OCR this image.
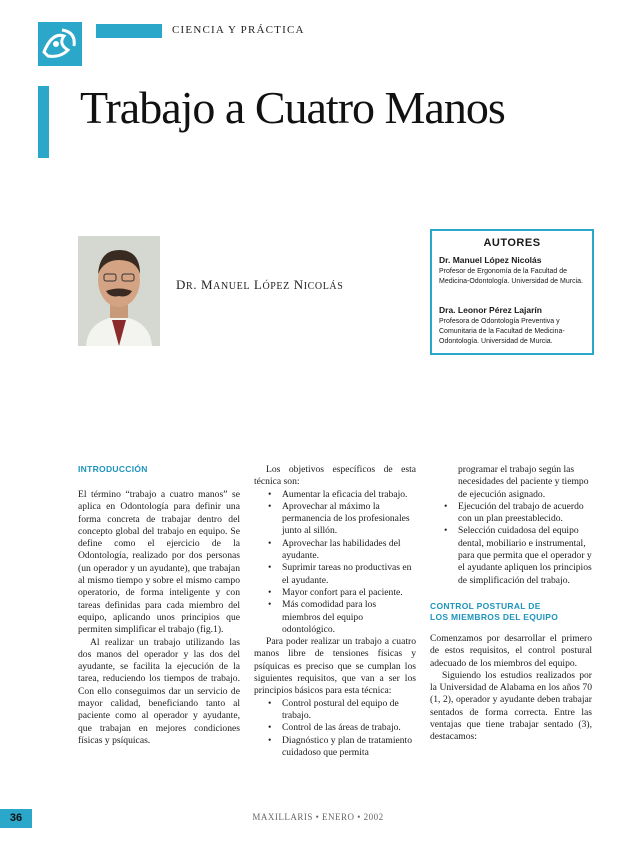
CIENCIA Y PRÁCTICA
Trabajo a Cuatro Manos
DR. MANUEL LÓPEZ NICOLÁS
AUTORES
Dr. Manuel López Nicolás
Profesor de Ergonomía de la Facultad de Medicina-Odontología. Universidad de Murcia.
Dra. Leonor Pérez Lajarín
Profesora de Odontología Preventiva y Comunitaria de la Facultad de Medicina-Odontología. Universidad de Murcia.

INTRODUCCIÓN

El término “trabajo a cuatro manos” se aplica en Odontología para definir una forma concreta de trabajar dentro del concepto global del trabajo en equipo. Se define como el ejercicio de la Odontología, realizado por dos personas (un operador y un ayudante), que trabajan al mismo tiempo y sobre el mismo campo operatorio, de forma inteligente y con tareas definidas para cada miembro del equipo, aplicando unos principios que permiten simplificar el trabajo (fig.1).

Al realizar un trabajo utilizando las dos manos del operador y las dos del ayudante, se facilita la ejecución de la tarea, reduciendo los tiempos de trabajo. Con ello conseguimos dar un servicio de mayor calidad, beneficiando tanto al paciente como al operador y ayudante, que trabajan en mejores condiciones físicas y psíquicas.

Los objetivos específicos de esta técnica son:

• Aumentar la eficacia del trabajo.
• Aprovechar al máximo la permanencia de los profesionales junto al sillón.
• Aprovechar las habilidades del ayudante.
• Suprimir tareas no productivas en el ayudante.
• Mayor confort para el paciente.
• Más comodidad para los miembros del equipo odontológico.

Para poder realizar un trabajo a cuatro manos libre de tensiones físicas y psíquicas es preciso que se cumplan los siguientes requisitos, que van a ser los principios básicos para esta técnica:

• Control postural del equipo de trabajo.
• Control de las áreas de trabajo.
• Diagnóstico y plan de tratamiento cuidadoso que permita

programar el trabajo según las necesidades del paciente y tiempo de ejecución asignado.

• Ejecución del trabajo de acuerdo con un plan preestablecido.
• Selección cuidadosa del equipo dental, mobiliario e instrumental, para que permita que el operador y el ayudante apliquen los principios de simplificación del trabajo.

CONTROL POSTURAL DE
LOS MIEMBROS DEL EQUIPO

Comenzamos por desarrollar el primero de estos requisitos, el control postural adecuado de los miembros del equipo.

Siguiendo los estudios realizados por la Universidad de Alabama en los años 70 (1, 2), operador y ayudante deben trabajar sentados de forma correcta. Entre las ventajas que tiene trabajar sentado (3), destacamos:

36	MAXILLARIS • ENERO • 2002
